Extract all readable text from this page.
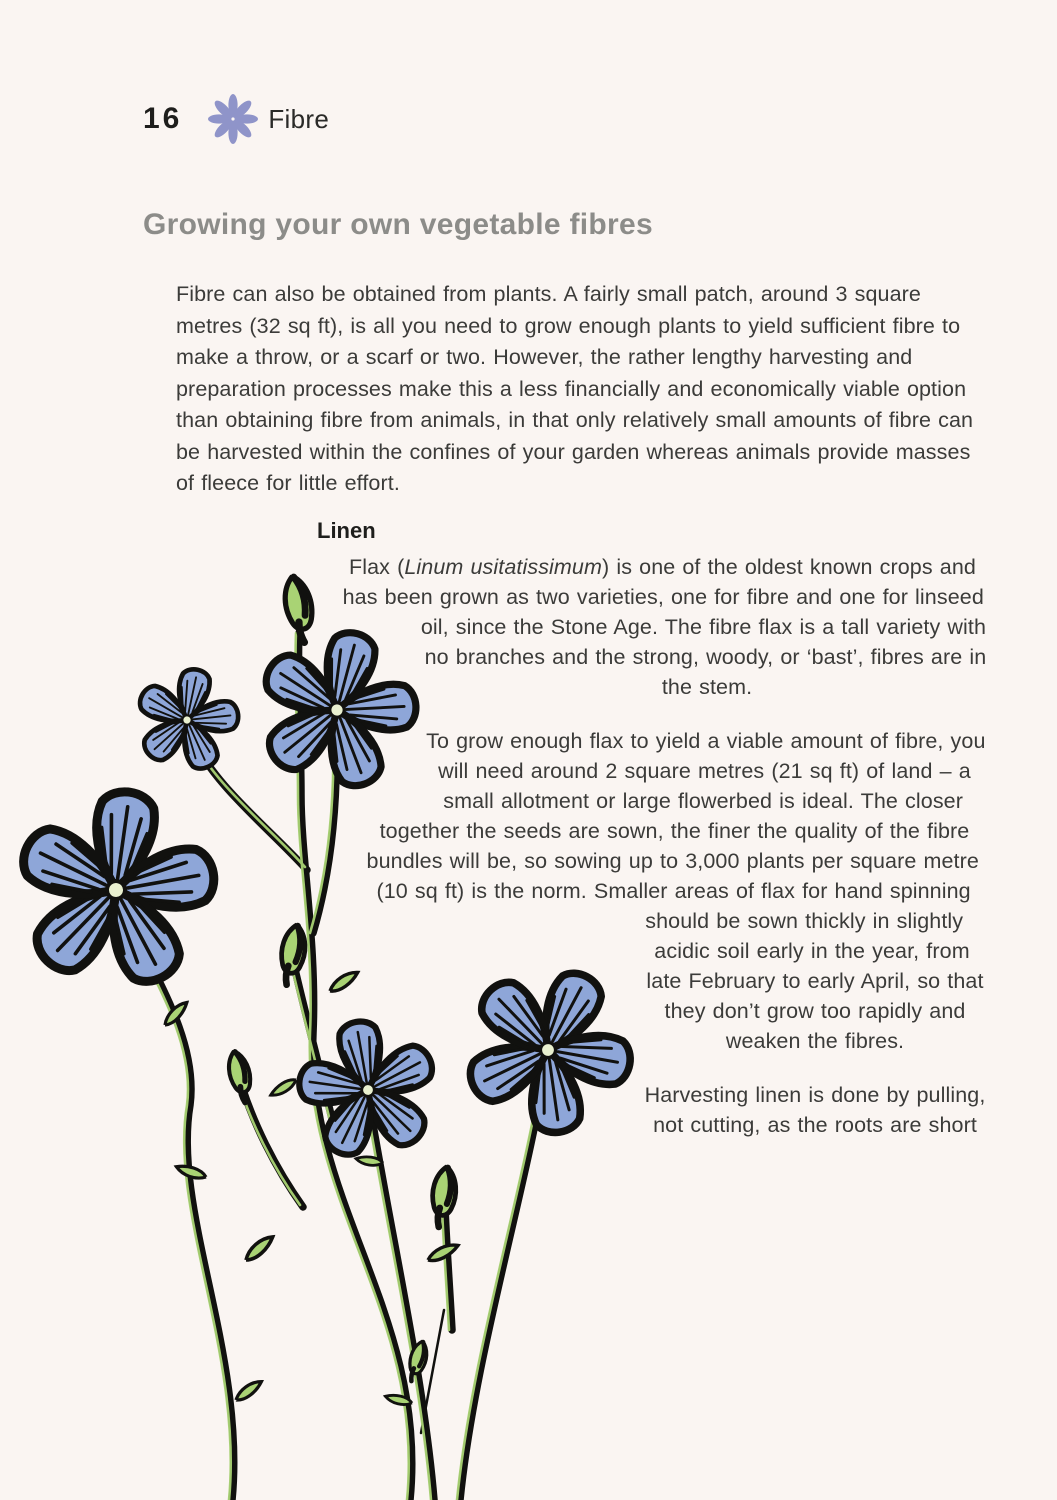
16	Fibre
Growing your own vegetable fibres

Fibre can also be obtained from plants. A fairly small patch, around 3 square metres (32 sq ft), is all you need to grow enough plants to yield sufficient fibre to make a throw, or a scarf or two. However, the rather lengthy harvesting and preparation processes make this a less financially and economically viable option than obtaining fibre from animals, in that only relatively small amounts of fibre can be harvested within the confines of your garden whereas animals provide masses of fleece for little effort.

Linen

Flax (Linum usitatissimum) is one of the oldest known crops and has been grown as two varieties, one for fibre and one for linseed oil, since the Stone Age. The fibre flax is a tall variety with no branches and the strong, woody, or ‘bast’, fibres are in the stem.

To grow enough flax to yield a viable amount of fibre, you will need around 2 square metres (21 sq ft) of land – a small allotment or large flowerbed is ideal. The closer together the seeds are sown, the finer the quality of the fibre bundles will be, so sowing up to 3,000 plants per square metre (10 sq ft) is the norm. Smaller areas of flax for hand spinning should be sown thickly in slightly acidic soil early in the year, from late February to early April, so that they don’t grow too rapidly and weaken the fibres.

Harvesting linen is done by pulling, not cutting, as the roots are short
